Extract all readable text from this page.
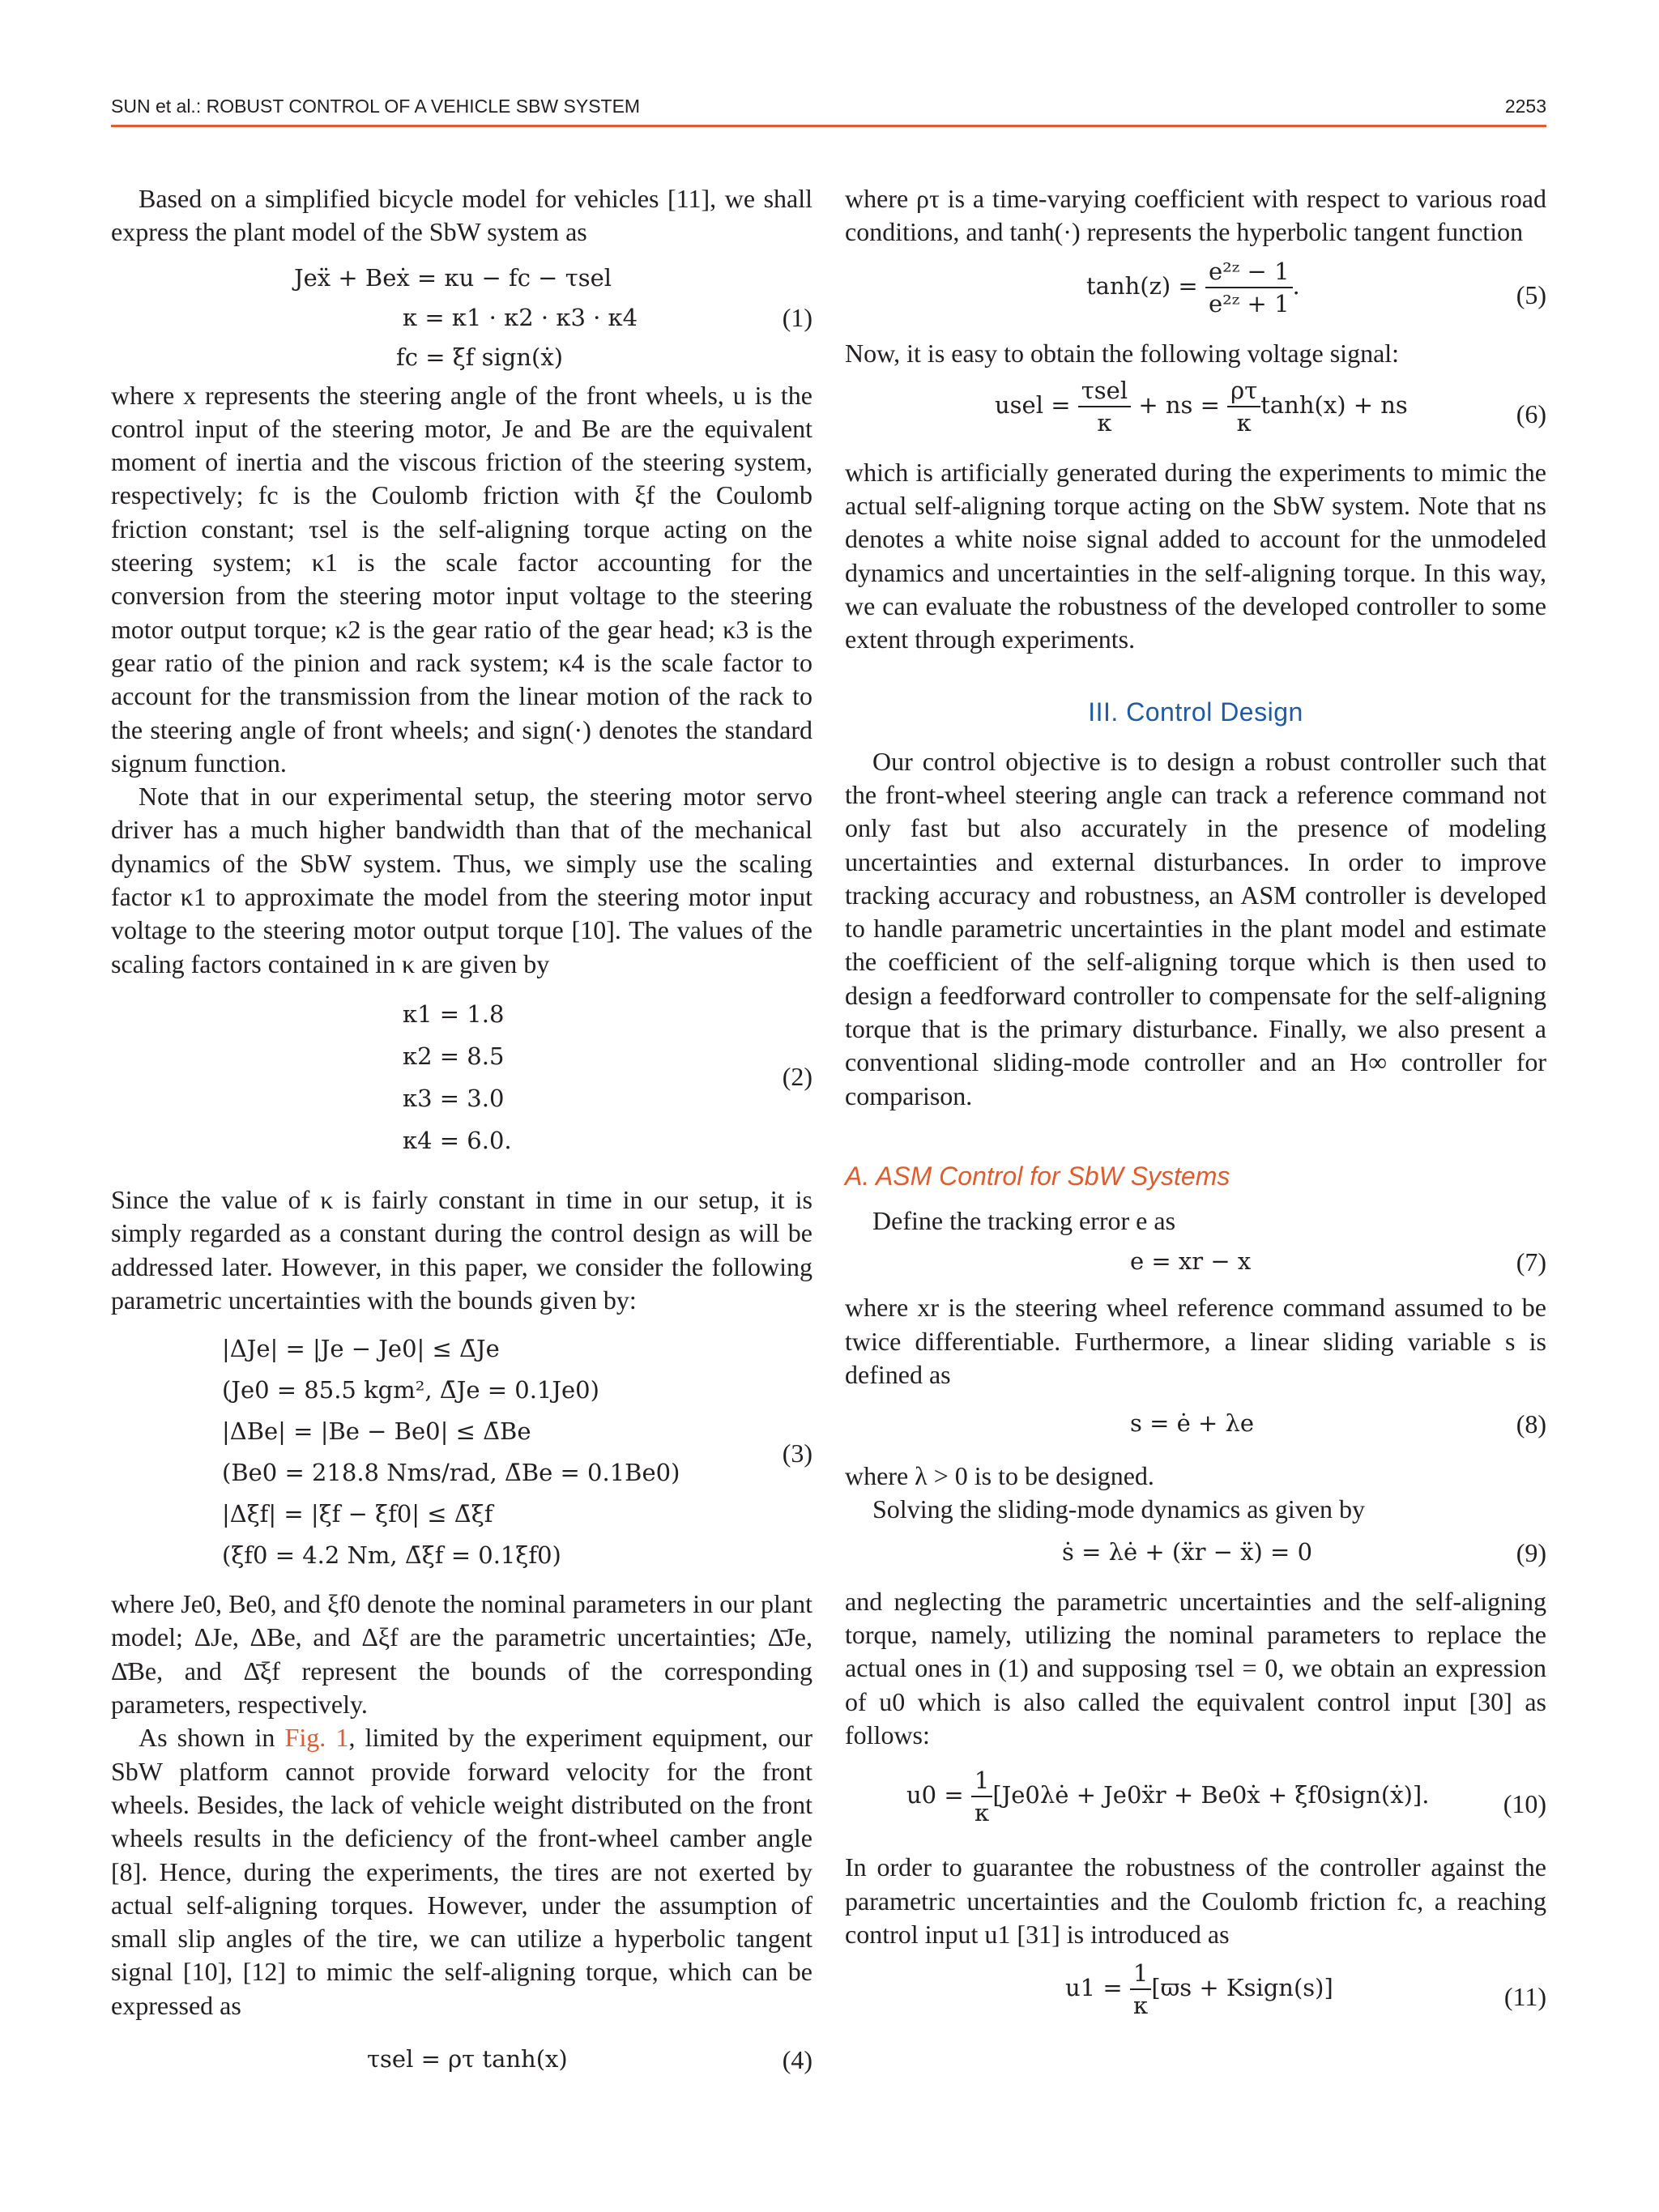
SUN et al.: ROBUST CONTROL OF A VEHICLE SBW SYSTEM	2253

Based on a simplified bicycle model for vehicles [11], we shall express the plant model of the SbW system as

Jeẍ + Beẋ = κu − fc − τsel
κ = κ1 · κ2 · κ3 · κ4
fc = ξf sign(ẋ)
(1)

where x represents the steering angle of the front wheels, u is the control input of the steering motor, Je and Be are the equivalent moment of inertia and the viscous friction of the steering system, respectively; fc is the Coulomb friction with ξf the Coulomb friction constant; τsel is the self-aligning torque acting on the steering system; κ1 is the scale factor accounting for the conversion from the steering motor input voltage to the steering motor output torque; κ2 is the gear ratio of the gear head; κ3 is the gear ratio of the pinion and rack system; κ4 is the scale factor to account for the transmission from the linear motion of the rack to the steering angle of front wheels; and sign(·) denotes the standard signum function.

Note that in our experimental setup, the steering motor servo driver has a much higher bandwidth than that of the mechanical dynamics of the SbW system. Thus, we simply use the scaling factor κ1 to approximate the model from the steering motor input voltage to the steering motor output torque [10]. The values of the scaling factors contained in κ are given by

κ1 = 1.8
κ2 = 8.5
κ3 = 3.0
κ4 = 6.0.
(2)

Since the value of κ is fairly constant in time in our setup, it is simply regarded as a constant during the control design as will be addressed later. However, in this paper, we consider the following parametric uncertainties with the bounds given by:

|ΔJe| = |Je − Je0| ≤ Δ̄Je
(Je0 = 85.5 kgm², Δ̄Je = 0.1Je0)
|ΔBe| = |Be − Be0| ≤ Δ̄Be
(Be0 = 218.8 Nms/rad, Δ̄Be = 0.1Be0)
|Δξf| = |ξf − ξf0| ≤ Δ̄ξf
(ξf0 = 4.2 Nm, Δ̄ξf = 0.1ξf0)
(3)

where Je0, Be0, and ξf0 denote the nominal parameters in our plant model; ΔJe, ΔBe, and Δξf are the parametric uncertainties; Δ̄Je, Δ̄Be, and Δ̄ξf represent the bounds of the corresponding parameters, respectively.

As shown in Fig. 1, limited by the experiment equipment, our SbW platform cannot provide forward velocity for the front wheels. Besides, the lack of vehicle weight distributed on the front wheels results in the deficiency of the front-wheel camber angle [8]. Hence, during the experiments, the tires are not exerted by actual self-aligning torques. However, under the assumption of small slip angles of the tire, we can utilize a hyperbolic tangent signal [10], [12] to mimic the self-aligning torque, which can be expressed as

τsel = ρτ tanh(x)	(4)

where ρτ is a time-varying coefficient with respect to various road conditions, and tanh(·) represents the hyperbolic tangent function

$\tanh(z) = \frac{\text{e²ᶻ − 1}}{\text{e²ᶻ + 1}}$ .	(5)

Now, it is easy to obtain the following voltage signal:

usel = $\frac{\text{τsel}}{\kappa}$ + ns = $\frac{\rho\tau}{\kappa} \tanh(x)$ + ns	(6)

which is artificially generated during the experiments to mimic the actual self-aligning torque acting on the SbW system. Note that ns denotes a white noise signal added to account for the unmodeled dynamics and uncertainties in the self-aligning torque. In this way, we can evaluate the robustness of the developed controller to some extent through experiments.

III. Control Design

Our control objective is to design a robust controller such that the front-wheel steering angle can track a reference command not only fast but also accurately in the presence of modeling uncertainties and external disturbances. In order to improve tracking accuracy and robustness, an ASM controller is developed to handle parametric uncertainties in the plant model and estimate the coefficient of the self-aligning torque which is then used to design a feedforward controller to compensate for the self-aligning torque that is the primary disturbance. Finally, we also present a conventional sliding-mode controller and an H∞ controller for comparison.

A. ASM Control for SbW Systems

Define the tracking error e as

e = xr − x	(7)

where xr is the steering wheel reference command assumed to be twice differentiable. Furthermore, a linear sliding variable s is defined as

s = ė + λe	(8)

where λ > 0 is to be designed.

Solving the sliding-mode dynamics as given by

ṡ = λė + (ẍr − ẍ) = 0	(9)

and neglecting the parametric uncertainties and the self-aligning torque, namely, utilizing the nominal parameters to replace the actual ones in (1) and supposing τsel = 0, we obtain an expression of u0 which is also called the equivalent control input [30] as follows:

$u0 = \frac{1}{\kappa}$ [Je0λė + Je0ẍr + Be0ẋ + ξf0sign(ẋ)].	(10)

In order to guarantee the robustness of the controller against the parametric uncertainties and the Coulomb friction fc, a reaching control input u1 [31] is introduced as

$u1 = \frac{1}{\kappa} [ϖs$ + Ksign(s)]	(11)
